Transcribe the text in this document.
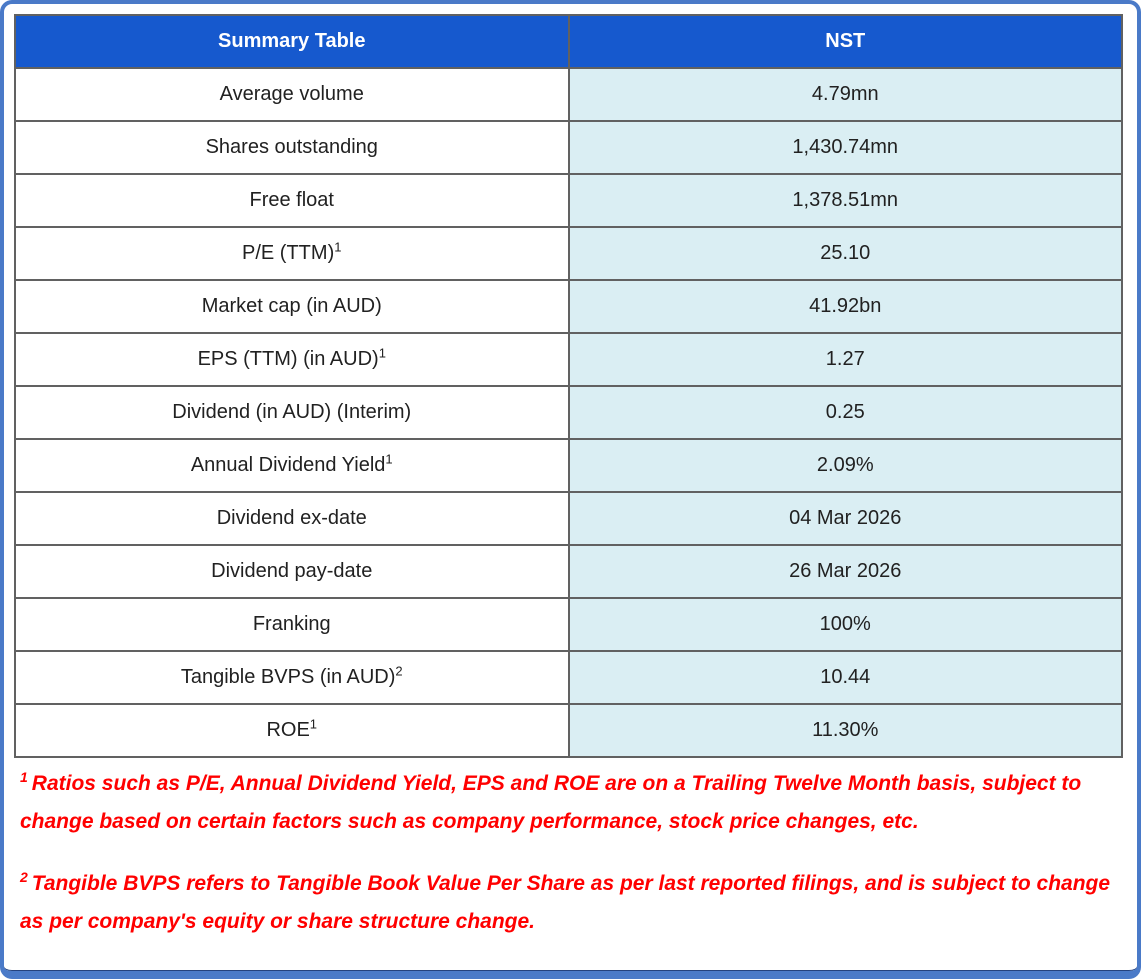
Summary Table	NST
Average volume	4.79mn
Shares outstanding	1,430.74mn
Free float	1,378.51mn
P/E (TTM)$^1$	25.10
Market cap (in AUD)	41.92bn
EPS (TTM) (in AUD)$^1$	1.27
Dividend (in AUD) (Interim)	0.25
Annual Dividend Yield$^1$	2.09%
Dividend ex-date	04 Mar 2026
Dividend pay-date	26 Mar 2026
Franking	100%
Tangible BVPS (in AUD)$^2$	10.44
ROE$^1$	11.30%

$^1$ Ratios such as P/E, Annual Dividend Yield, EPS and ROE are on a Trailing Twelve Month basis, subject to change based on certain factors such as company performance, stock price changes, etc.

$^2$ Tangible BVPS refers to Tangible Book Value Per Share as per last reported filings, and is subject to change as per company's equity or share structure change.
